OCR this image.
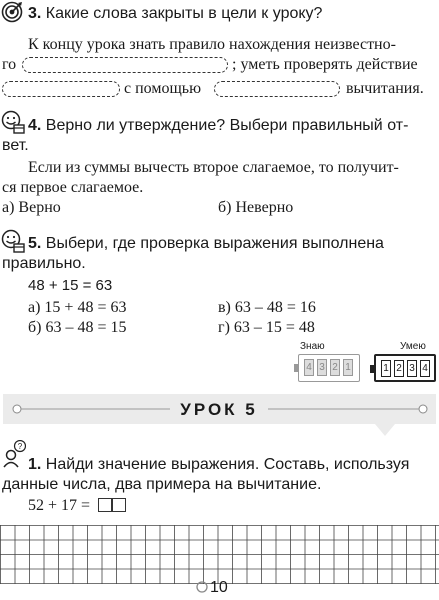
3. Какие слова закрыты в цели к уроку?
К концу урока знать правило нахождения неизвестно-
го	; уметь проверять действие
с помощью	вычитания.
4. Верно ли утверждение? Выбери правильный от-
вет.
Если из суммы вычесть второе слагаемое, то получит-
ся первое слагаемое.
а) Верно	б) Неверно
5. Выбери, где проверка выражения выполнена
правильно.
48 + 15 = 63
а) 15 + 48 = 63
б) 63 – 48 = 15
в) 63 – 48 = 16
г) 63 – 15 = 48
Знаю
4 3 2 1
Умею
1 2 3 4
УРОК 5
?
1. Найди значение выражения. Составь, используя
данные числа, два примера на вычитание.
52 + 17 =
10
